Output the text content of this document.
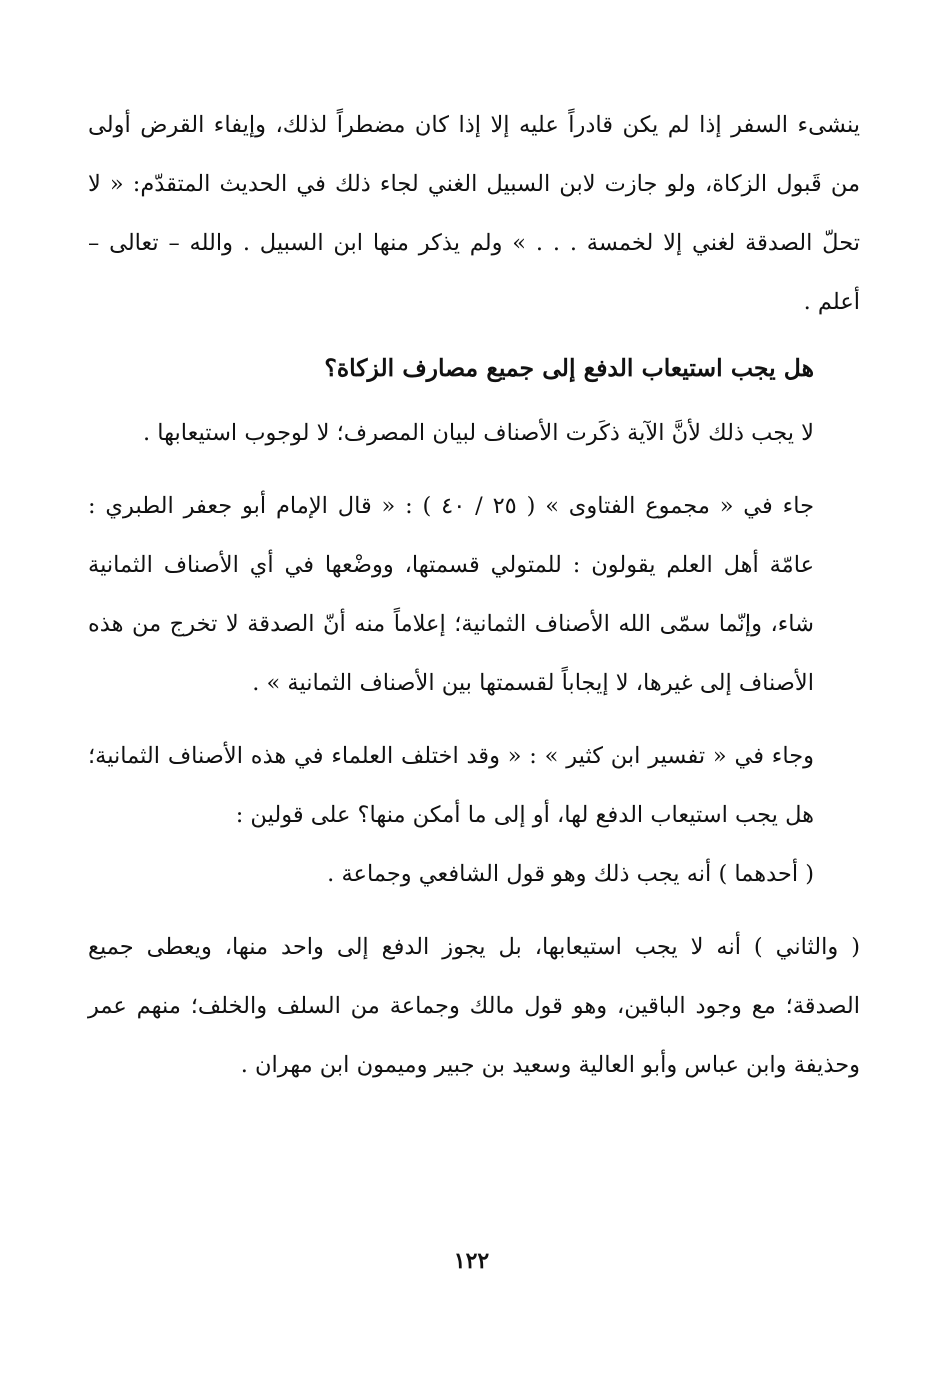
ينشىء السفر إذا لم يكن قادراً عليه إلا إذا كان مضطراً لذلك، وإيفاء القرض أولى من قَبول الزكاة، ولو جازت لابن السبيل الغني لجاء ذلك في الحديث المتقدّم: « لا تحلّ الصدقة لغني إلا لخمسة . . . » ولم يذكر منها ابن السبيل . والله – تعالى – أعلم .

هل يجب استيعاب الدفع إلى جميع مصارف الزكاة؟

لا يجب ذلك لأنَّ الآية ذكَرت الأصناف لبيان المصرف؛ لا لوجوب استيعابها .

جاء في « مجموع الفتاوى » ( ٢٥ / ٤٠ ) : « قال الإمام أبو جعفر الطبري : عامّة أهل العلم يقولون : للمتولي قسمتها، ووضْعها في أي الأصناف الثمانية شاء، وإنّما سمّى الله الأصناف الثمانية؛ إعلاماً منه أنّ الصدقة لا تخرج من هذه الأصناف إلى غيرها، لا إيجاباً لقسمتها بين الأصناف الثمانية » .

وجاء في « تفسير ابن كثير » : « وقد اختلف العلماء في هذه الأصناف الثمانية؛ هل يجب استيعاب الدفع لها، أو إلى ما أمكن منها؟ على قولين :

( أحدهما ) أنه يجب ذلك وهو قول الشافعي وجماعة .

( والثاني ) أنه لا يجب استيعابها، بل يجوز الدفع إلى واحد منها، ويعطى جميع الصدقة؛ مع وجود الباقين، وهو قول مالك وجماعة من السلف والخلف؛ منهم عمر وحذيفة وابن عباس وأبو العالية وسعيد بن جبير وميمون ابن مهران .

١٢٢
